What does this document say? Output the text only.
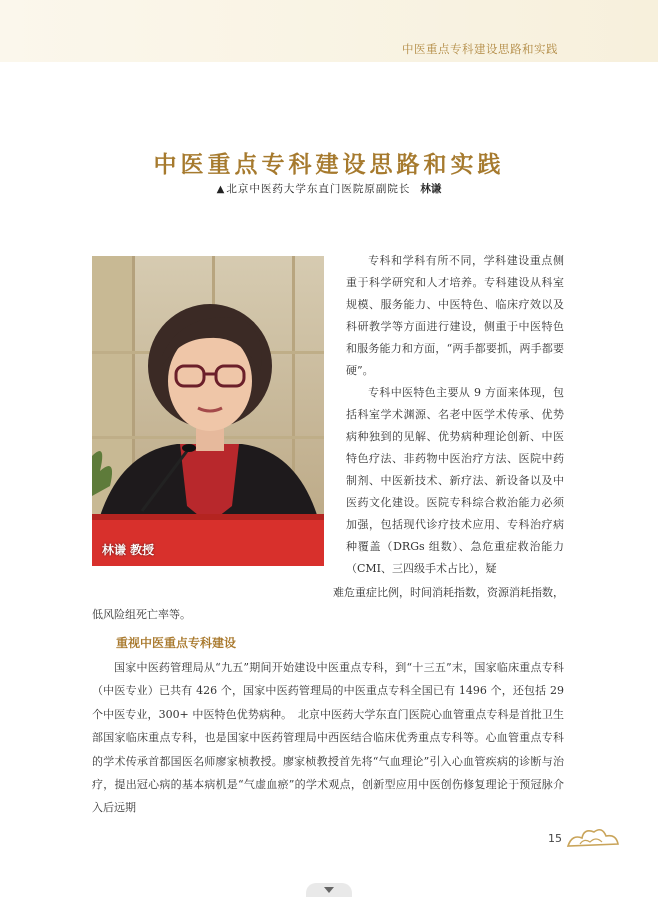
中医重点专科建设思路和实践
中医重点专科建设思路和实践
▲ 北京中医药大学东直门医院原副院长 林谦
林谦 教授

专科和学科有所不同，学科建设重点侧重于科学研究和人才培养。专科建设从科室规模、服务能力、中医特色、临床疗效以及科研教学等方面进行建设，侧重于中医特色和服务能力和方面，“两手都要抓，两手都要硬”。

专科中医特色主要从 9 方面来体现，包括科室学术渊源、名老中医学术传承、优势病种独到的见解、优势病种理论创新、中医特色疗法、非药物中医治疗方法、医院中药制剂、中医新技术、新疗法、新设备以及中医药文化建设。医院专科综合救治能力必须加强，包括现代诊疗技术应用、专科治疗病种覆盖（DRGs 组数）、急危重症救治能力（CMI、三四级手术占比），疑

难危重症比例，时间消耗指数，资源消耗指数，
低风险组死亡率等。
重视中医重点专科建设

国家中医药管理局从“九五”期间开始建设中医重点专科，到“十三五”末，国家临床重点专科（中医专业）已共有 426 个，国家中医药管理局的中医重点专科全国已有 1496 个，还包括 29 个中医专业，300+ 中医特色优势病种。　北京中医药大学东直门医院心血管重点专科是首批卫生部国家临床重点专科，也是国家中医药管理局中西医结合临床优秀重点专科等。心血管重点专科的学术传承首都国医名师廖家桢教授。廖家桢教授首先将“气血理论”引入心血管疾病的诊断与治疗，提出冠心病的基本病机是“气虚血瘀”的学术观点，创新型应用中医创伤修复理论于预冠脉介入后远期

15
